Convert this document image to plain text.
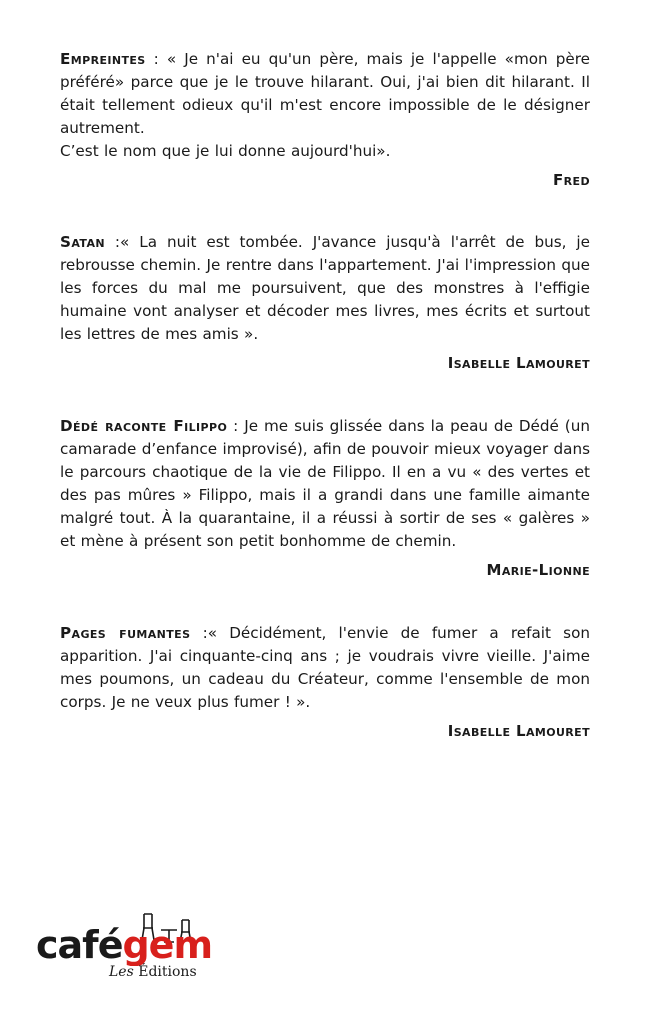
Empreintes : « Je n'ai eu qu'un père, mais je l'appelle «mon père préféré» parce que je le trouve hilarant. Oui, j'ai bien dit hilarant. Il était tellement odieux qu'il m'est encore impossible de le désigner autrement.

C’est le nom que je lui donne aujourd'hui».

Fred

Satan :« La nuit est tombée. J'avance jusqu'à l'arrêt de bus, je rebrousse chemin. Je rentre dans l'appartement. J'ai l'impression que les forces du mal me poursuivent, que des monstres à l'effigie humaine vont analyser et décoder mes livres, mes écrits et surtout les lettres de mes amis ».

Isabelle Lamouret

Dédé raconte Filippo : Je me suis glissée dans la peau de Dédé (un camarade d’enfance improvisé), afin de pouvoir mieux voyager dans le parcours chaotique de la vie de Filippo. Il en a vu « des vertes et des pas mûres » Filippo, mais il a grandi dans une famille aimante malgré tout. À la quarantaine, il a réussi à sortir de ses « galères » et mène à présent son petit bonhomme de chemin.

Marie-Lionne

Pages fumantes :« Décidément, l'envie de fumer a refait son apparition. J'ai cinquante-cinq ans ; je voudrais vivre vieille. J'aime mes poumons, un cadeau du Créateur, comme l'ensemble de mon corps. Je ne veux plus fumer ! ».

Isabelle Lamouret
cafégem
Les Éditions
